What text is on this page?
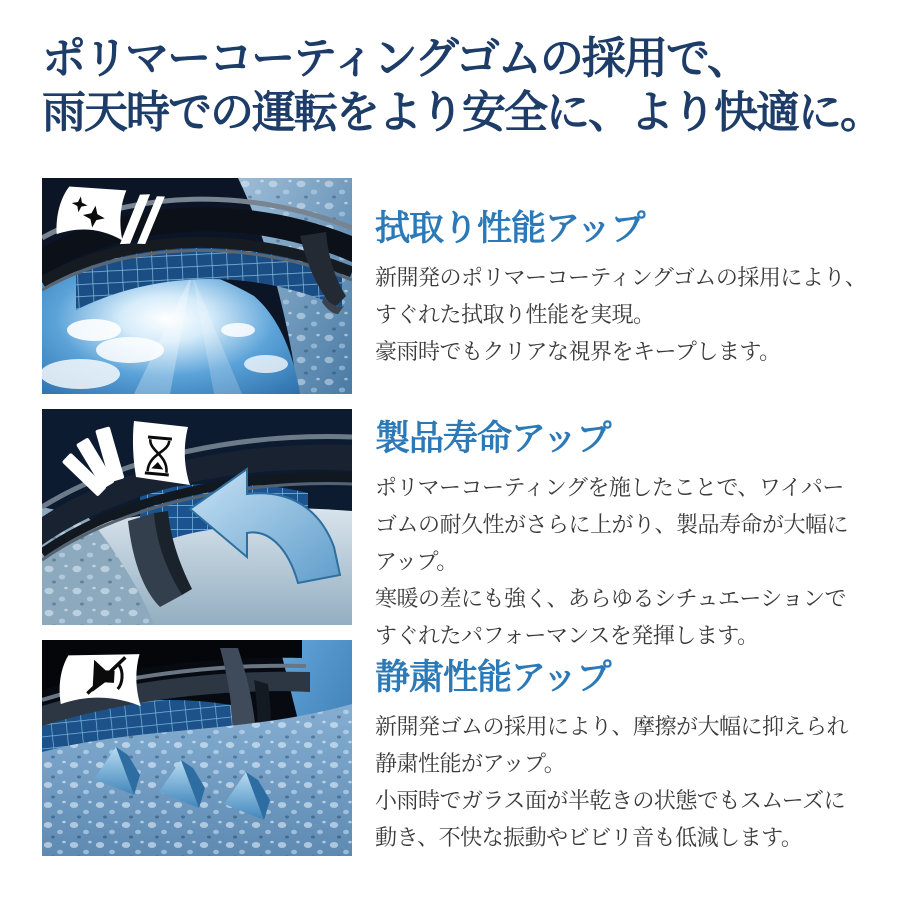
ポリマーコーティングゴムの採用で、
雨天時での運転をより安全に、より快適に。
拭取り性能アップ
新開発のポリマーコーティングゴムの採用により、
すぐれた拭取り性能を実現。
豪雨時でもクリアな視界をキープします。
製品寿命アップ
ポリマーコーティングを施したことで、ワイパー
ゴムの耐久性がさらに上がり、製品寿命が大幅に
アップ。
寒暖の差にも強く、あらゆるシチュエーションで
すぐれたパフォーマンスを発揮します。
静粛性能アップ
新開発ゴムの採用により、摩擦が大幅に抑えられ
静粛性能がアップ。
小雨時でガラス面が半乾きの状態でもスムーズに
動き、不快な振動やビビリ音も低減します。
